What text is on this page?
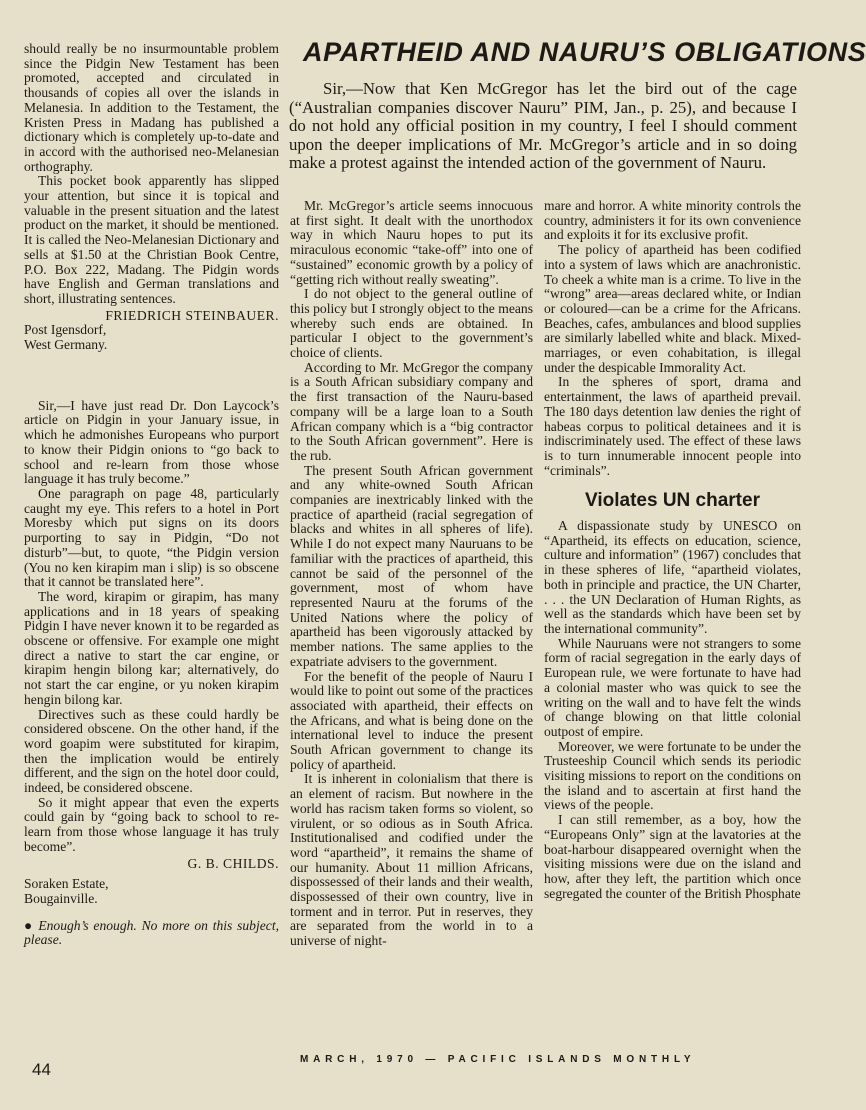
should really be no insurmountable problem since the Pidgin New Testament has been promoted, accepted and circulated in thousands of copies all over the islands in Melanesia. In addition to the Testament, the Kristen Press in Madang has published a dictionary which is completely up-to-date and in accord with the authorised neo-Melanesian orthography.

This pocket book apparently has slipped your attention, but since it is topical and valuable in the present situation and the latest product on the market, it should be mentioned. It is called the Neo-Melanesian Dictionary and sells at $1.50 at the Christian Book Centre, P.O. Box 222, Madang. The Pidgin words have English and German translations and short, illustrating sentences.

FRIEDRICH STEINBAUER.
Post Igensdorf,
West Germany.

Sir,—I have just read Dr. Don Laycock’s article on Pidgin in your January issue, in which he admonishes Europeans who purport to know their Pidgin onions to “go back to school and re-learn from those whose language it has truly become.”

One paragraph on page 48, particularly caught my eye. This refers to a hotel in Port Moresby which put signs on its doors purporting to say in Pidgin, “Do not disturb”—but, to quote, “the Pidgin version (You no ken kirapim man i slip) is so obscene that it cannot be translated here”.

The word, kirapim or girapim, has many applications and in 18 years of speaking Pidgin I have never known it to be regarded as obscene or offensive. For example one might direct a native to start the car engine, or kirapim hengin bilong kar; alternatively, do not start the car engine, or yu noken kirapim hengin bilong kar.

Directives such as these could hardly be considered obscene. On the other hand, if the word goapim were substituted for kirapim, then the implication would be entirely different, and the sign on the hotel door could, indeed, be considered obscene.

So it might appear that even the experts could gain by “going back to school to re-learn from those whose language it has truly become”.

G. B. CHILDS.
Soraken Estate,
Bougainville.
● Enough’s enough. No more on this subject, please.
APARTHEID AND NAURU’S OBLIGATIONS

Sir,—Now that Ken McGregor has let the bird out of the cage (“Australian companies discover Nauru” PIM, Jan., p. 25), and because I do not hold any official position in my country, I feel I should comment upon the deeper implications of Mr. McGregor’s article and in so doing make a protest against the intended action of the government of Nauru.

Mr. McGregor’s article seems innocuous at first sight. It dealt with the unorthodox way in which Nauru hopes to put its miraculous economic “take-off” into one of “sustained” economic growth by a policy of “getting rich without really sweating”.

I do not object to the general outline of this policy but I strongly object to the means whereby such ends are obtained. In particular I object to the government’s choice of clients.

According to Mr. McGregor the company is a South African subsidiary company and the first transaction of the Nauru-based company will be a large loan to a South African company which is a “big contractor to the South African government”. Here is the rub.

The present South African government and any white-owned South African companies are inextricably linked with the practice of apartheid (racial segregation of blacks and whites in all spheres of life). While I do not expect many Nauruans to be familiar with the practices of apartheid, this cannot be said of the personnel of the government, most of whom have represented Nauru at the forums of the United Nations where the policy of apartheid has been vigorously attacked by member nations. The same applies to the expatriate advisers to the government.

For the benefit of the people of Nauru I would like to point out some of the practices associated with apartheid, their effects on the Africans, and what is being done on the international level to induce the present South African government to change its policy of apartheid.

It is inherent in colonialism that there is an element of racism. But nowhere in the world has racism taken forms so violent, so virulent, or so odious as in South Africa. Institutionalised and codified under the word “apartheid”, it remains the shame of our humanity. About 11 million Africans, dispossessed of their lands and their wealth, dispossessed of their own country, live in torment and in terror. Put in reserves, they are separated from the world in to a universe of night-

mare and horror. A white minority controls the country, administers it for its own convenience and exploits it for its exclusive profit.

The policy of apartheid has been codified into a system of laws which are anachronistic. To cheek a white man is a crime. To live in the “wrong” area—areas declared white, or Indian or coloured—can be a crime for the Africans. Beaches, cafes, ambulances and blood supplies are similarly labelled white and black. Mixed-marriages, or even cohabitation, is illegal under the despicable Immorality Act.

In the spheres of sport, drama and entertainment, the laws of apartheid prevail. The 180 days detention law denies the right of habeas corpus to political detainees and it is indiscriminately used. The effect of these laws is to turn innumerable innocent people into “criminals”.

Violates UN charter

A dispassionate study by UNESCO on “Apartheid, its effects on education, science, culture and information” (1967) concludes that in these spheres of life, “apartheid violates, both in principle and practice, the UN Charter, . . . the UN Declaration of Human Rights, as well as the standards which have been set by the international community”.

While Nauruans were not strangers to some form of racial segregation in the early days of European rule, we were fortunate to have had a colonial master who was quick to see the writing on the wall and to have felt the winds of change blowing on that little colonial outpost of empire.

Moreover, we were fortunate to be under the Trusteeship Council which sends its periodic visiting missions to report on the conditions on the island and to ascertain at first hand the views of the people.

I can still remember, as a boy, how the “Europeans Only” sign at the lavatories at the boat-harbour disappeared overnight when the visiting missions were due on the island and how, after they left, the partition which once segregated the counter of the British Phosphate

44
MARCH, 1970 — PACIFIC ISLANDS MONTHLY
